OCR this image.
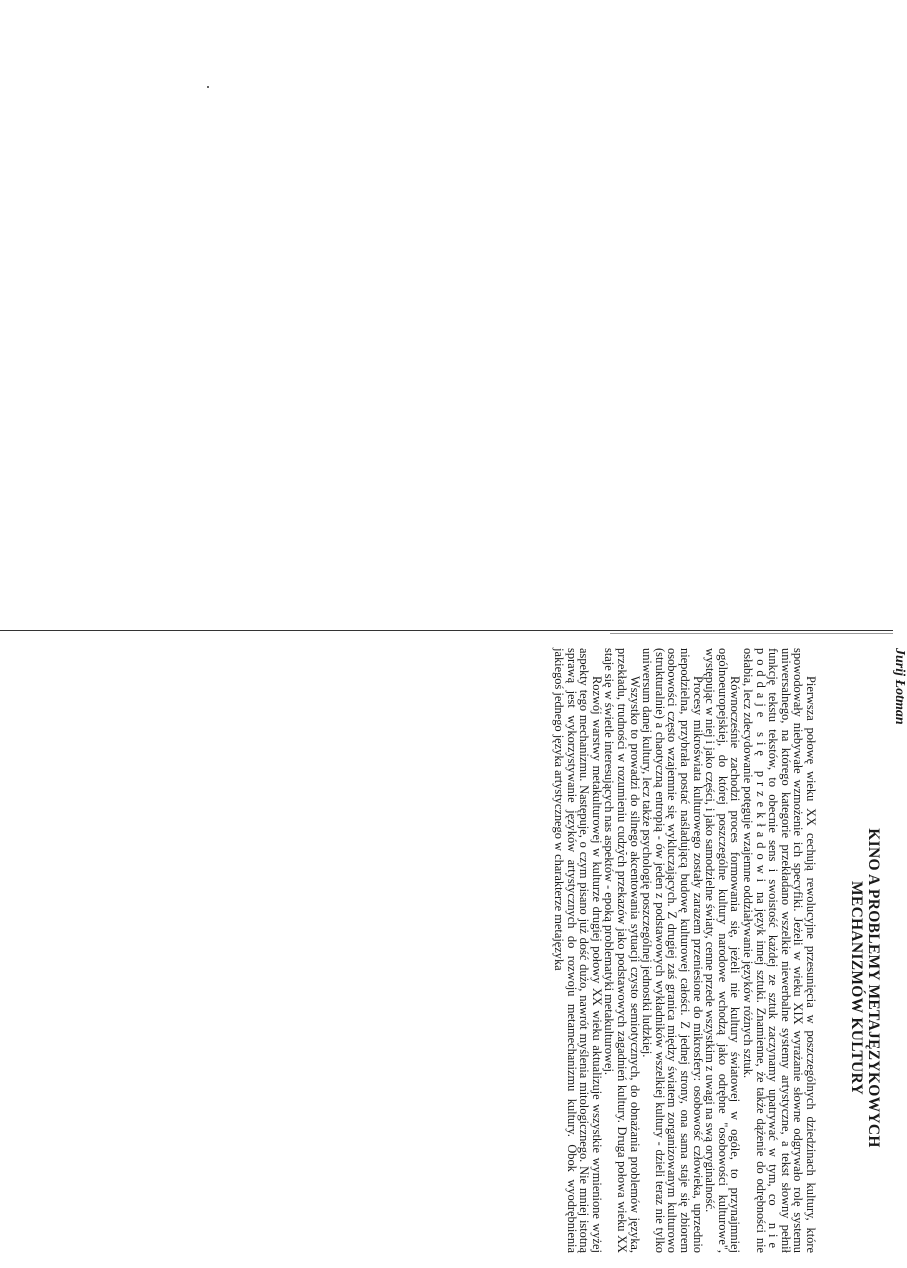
Jurij Łotman
KINO A PROBLEMY METAJĘZYKOWYCH
MECHANIZMÓW KULTURY

Pierwsza połowę wieku XX cechują rewolucyjne przesunięcia w poszczególnych dziedzinach kultury, które spowodowały niebywałe wzmożenie ich specyfiki. Jeżeli w wieku XIX wyrażanie słowne odgrywało rolę systemu uniwersalnego, na którego kategorie przekładano wszelkie niewerbalne systemy artystyczne, a tekst słowny pełnił funkcję tekstu tekstów, to obecnie sens i swoistość każdej ze sztuk zaczynamy upatrywać w tym, co nie poddaje się przekładowi na język innej sztuki. Znamienne, że także dążenie do odrębności nie osłabia, lecz zdecydowanie potęguje wzajemne oddziaływanie języków różnych sztuk.

Równocześnie zachodzi proces formowania się, jeżeli nie kultury światowej w ogóle, to przynajmniej ogólnoeuropejskiej, do której poszczególne kultury narodowe wchodzą jako odrębne "osobowości kulturowe", występując w niej i jako części, i jako samodzielne światy, cenne przede wszystkim z uwagi na swą oryginalność.

Procesy mikroświata kulturowego zostały zarazem przeniesione do mikrosfery: osobowość człowieka, uprzednio niepodzielna, przybrała postać naśladującą budowę kulturowej całości. Z jednej strony, ona sama staje się zbiorem osobowości często wzajemnie się wykluczających. Z drugiej zaś granica między światem zorganizowanym kulturowo (strukturalnie) a chaotyczną entropią - ów jeden z podstawowych wykładników wszelkiej kultury - dzieli teraz nie tylko uniwersum danej kultury, lecz także psychologię poszczególnej jednostki ludzkiej.

Wszystko to prowadzi do silnego akcentowania sytuacji czysto semiotycznych, do obnażania problemów języka, przekładu, trudności w rozumieniu cudzych przekazów jako podstawowych zagadnień kultury. Druga połowa wieku XX staje się w świetle interesujących nas aspektów - epoką problematyki metakulturowej.

Rozwój warstwy metakulturowej w kulturze drugiej połowy XX wieku aktualizuje wszystkie wymienione wyżej aspekty tego mechanizmu. Następuje, o czym pisano już dość dużo, nawrót myślenia mitologicznego. Nie mniej istotną sprawą jest wykorzystywanie języków artystycznych do rozwoju metamechanizmu kultury. Obok wyodrębnienia jakiegoś jednego języka artystycznego w charakterze metajęzyka
